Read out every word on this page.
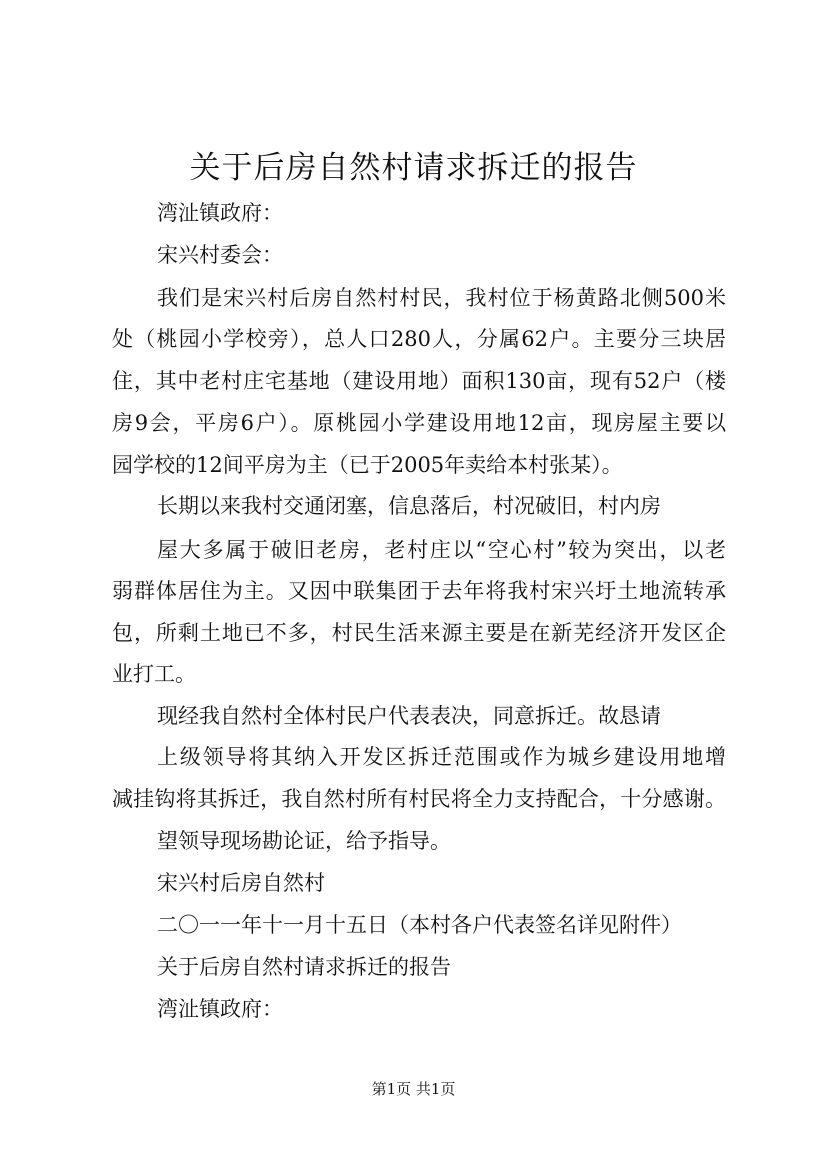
关于后房自然村请求拆迁的报告

湾沚镇政府：

宋兴村委会：

我们是宋兴村后房自然村村民，我村位于杨黄路北侧500米

处（桃园小学校旁），总人口280人，分属62户。主要分三块居

住，其中老村庄宅基地（建设用地）面积130亩，现有52户（楼

房9会，平房6户）。原桃园小学建设用地12亩，现房屋主要以

园学校的12间平房为主（已于2005年卖给本村张某）。

长期以来我村交通闭塞，信息落后，村况破旧，村内房

屋大多属于破旧老房，老村庄以“空心村”较为突出，以老

弱群体居住为主。又因中联集团于去年将我村宋兴圩土地流转承

包，所剩土地已不多，村民生活来源主要是在新芜经济开发区企

业打工。

现经我自然村全体村民户代表表决，同意拆迁。故恳请

上级领导将其纳入开发区拆迁范围或作为城乡建设用地增

减挂钩将其拆迁，我自然村所有村民将全力支持配合，十分感谢。

望领导现场勘论证，给予指导。

宋兴村后房自然村

二〇一一年十一月十五日（本村各户代表签名详见附件）

关于后房自然村请求拆迁的报告

湾沚镇政府：

第1页 共1页
